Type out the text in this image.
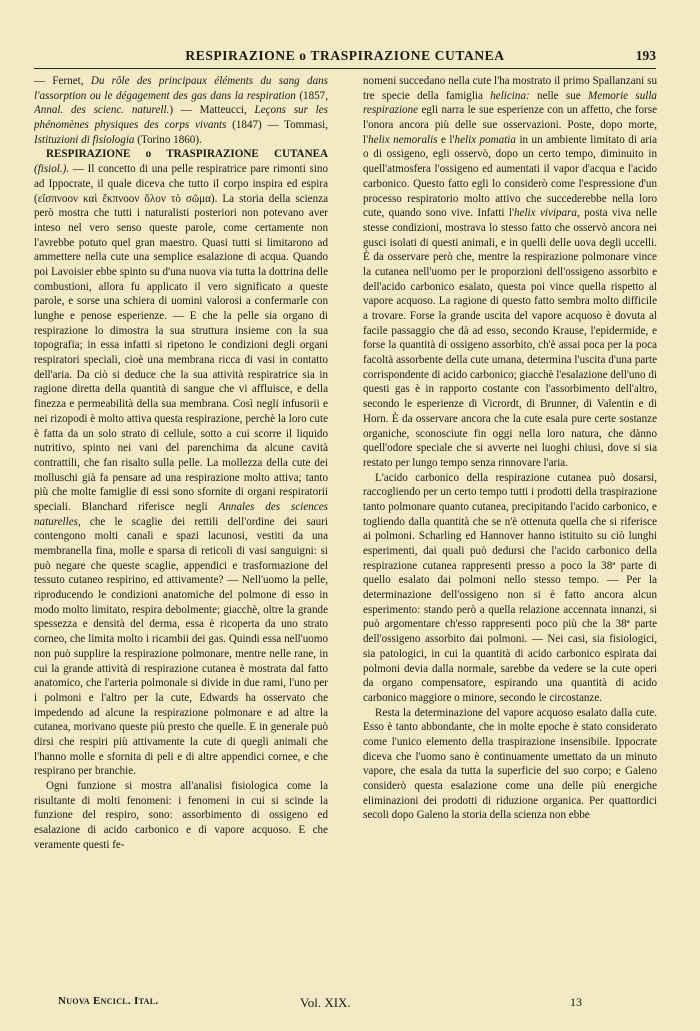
RESPIRAZIONE o TRASPIRAZIONE CUTANEA	193

— Fernet, Du rôle des principaux éléments du sang dans l'assorption ou le dégagement des gas dans la respiration (1857, Annal. des scienc. naturell.) — Matteucci, Leçons sur les phénomènes physiques des corps vivants (1847) — Tommasi, Istituzioni di fisiologia (Torino 1860).

RESPIRAZIONE o TRASPIRAZIONE CUTANEA (fisiol.). — Il concetto di una pelle respiratrice pare rimonti sino ad Ippocrate, il quale diceva che tutto il corpo inspira ed espira (εἴσπνοον καὶ ἔκπνοον ὅλον τὸ σῶμα). La storia della scienza però mostra che tutti i naturalisti posteriori non potevano aver inteso nel vero senso queste parole, come certamente non l'avrebbe potuto quel gran maestro. Quasi tutti si limitarono ad ammettere nella cute una semplice esalazione di acqua. Quando poi Lavoisier ebbe spinto su d'una nuova via tutta la dottrina delle combustioni, allora fu applicato il vero significato a queste parole, e sorse una schiera di uomini valorosi a confermarle con lunghe e penose esperienze. — E che la pelle sia organo di respirazione lo dimostra la sua struttura insieme con la sua topografia; in essa infatti si ripetono le condizioni degli organi respiratori speciali, cioè una membrana ricca di vasi in contatto dell'aria. Da ciò si deduce che la sua attività respiratrice sia in ragione diretta della quantità di sangue che vi affluisce, e della finezza e permeabilità della sua membrana. Così negli infusorii e nei rizopodi è molto attiva questa respirazione, perchè la loro cute è fatta da un solo strato di cellule, sotto a cui scorre il liquido nutritivo, spinto nei vani del parenchima da alcune cavità contrattili, che fan risalto sulla pelle. La mollezza della cute dei molluschi già fa pensare ad una respirazione molto attiva; tanto più che molte famiglie di essi sono sfornite di organi respiratorii speciali. Blanchard riferisce negli Annales des sciences naturelles, che le scaglie dei rettili dell'ordine dei sauri contengono molti canali e spazi lacunosi, vestiti da una membranella fina, molle e sparsa di reticoli di vasi sanguigni: si può negare che queste scaglie, appendici e trasformazione del tessuto cutaneo respirino, ed attivamente? — Nell'uomo la pelle, riproducendo le condizioni anatomiche del polmone di esso in modo molto limitato, respira debolmente; giacchè, oltre la grande spessezza e densità del derma, essa è ricoperta da uno strato corneo, che limita molto i ricambii dei gas. Quindi essa nell'uomo non può supplire la respirazione polmonare, mentre nelle rane, in cui la grande attività di respirazione cutanea è mostrata dal fatto anatomico, che l'arteria polmonale si divide in due rami, l'uno per i polmoni e l'altro per la cute, Edwards ha osservato che impedendo ad alcune la respirazione polmonare e ad altre la cutanea, morivano queste più presto che quelle. E in generale può dirsi che respiri più attivamente la cute di quegli animali che l'hanno molle e sfornita di peli e di altre appendici cornee, e che respirano per branchie.

Ogni funzione si mostra all'analisi fisiologica come la risultante di molti fenomeni: i fenomeni in cui si scinde la funzione del respiro, sono: assorbimento di ossigeno ed esalazione di acido carbonico e di vapore acquoso. E che veramente questi fe-

nomeni succedano nella cute l'ha mostrato il primo Spallanzani su tre specie della famiglia helicina: nelle sue Memorie sulla respirazione egli narra le sue esperienze con un affetto, che forse l'onora ancora più delle sue osservazioni. Poste, dopo morte, l'helix nemoralis e l'helix pomatia in un ambiente limitato di aria o di ossigeno, egli osservò, dopo un certo tempo, diminuito in quell'atmosfera l'ossigeno ed aumentati il vapor d'acqua e l'acido carbonico. Questo fatto egli lo considerò come l'espressione d'un processo respiratorio molto attivo che succederebbe nella loro cute, quando sono vive. Infatti l'helix vivipara, posta viva nelle stesse condizioni, mostrava lo stesso fatto che osservò ancora nei gusci isolati di questi animali, e in quelli delle uova degli uccelli. È da osservare però che, mentre la respirazione polmonare vince la cutanea nell'uomo per le proporzioni dell'ossigeno assorbito e dell'acido carbonico esalato, questa poi vince quella rispetto al vapore acquoso. La ragione di questo fatto sembra molto difficile a trovare. Forse la grande uscita del vapore acquoso è dovuta al facile passaggio che dà ad esso, secondo Krause, l'epidermide, e forse la quantità di ossigeno assorbito, ch'è assai poca per la poca facoltà assorbente della cute umana, determina l'uscita d'una parte corrispondente di acido carbonico; giacchè l'esalazione dell'uno di questi gas è in rapporto costante con l'assorbimento dell'altro, secondo le esperienze di Vicrordt, di Brunner, di Valentin e di Horn. È da osservare ancora che la cute esala pure certe sostanze organiche, sconosciute fin oggi nella loro natura, che dànno quell'odore speciale che si avverte nei luoghi chiusi, dove si sia restato per lungo tempo senza rinnovare l'aria.

L'acido carbonico della respirazione cutanea può dosarsi, raccogliendo per un certo tempo tutti i prodotti della traspirazione tanto polmonare quanto cutanea, precipitando l'acido carbonico, e togliendo dalla quantità che se n'è ottenuta quella che si riferisce ai polmoni. Scharling ed Hannover hanno istituito su ciò lunghi esperimenti, dai quali può dedursi che l'acido carbonico della respirazione cutanea rappresenti presso a poco la 38ª parte di quello esalato dai polmoni nello stesso tempo. — Per la determinazione dell'ossigeno non si è fatto ancora alcun esperimento: stando però a quella relazione accennata innanzi, si può argomentare ch'esso rappresenti poco più che la 38ª parte dell'ossigeno assorbito dai polmoni. — Nei casi, sia fisiologici, sia patologici, in cui la quantità di acido carbonico espirata dai polmoni devia dalla normale, sarebbe da vedere se la cute operi da organo compensatore, espirando una quantità di acido carbonico maggiore o minore, secondo le circostanze.

Resta la determinazione del vapore acquoso esalato dalla cute. Esso è tanto abbondante, che in molte epoche è stato considerato come l'unico elemento della traspirazione insensibile. Ippocrate diceva che l'uomo sano è continuamente umettato da un minuto vapore, che esala da tutta la superficie del suo corpo; e Galeno considerò questa esalazione come una delle più energiche eliminazioni dei prodotti di riduzione organica. Per quattordici secoli dopo Galeno la storia della scienza non ebbe

Nuova Encicl. Ital.	Vol. XIX.	13
